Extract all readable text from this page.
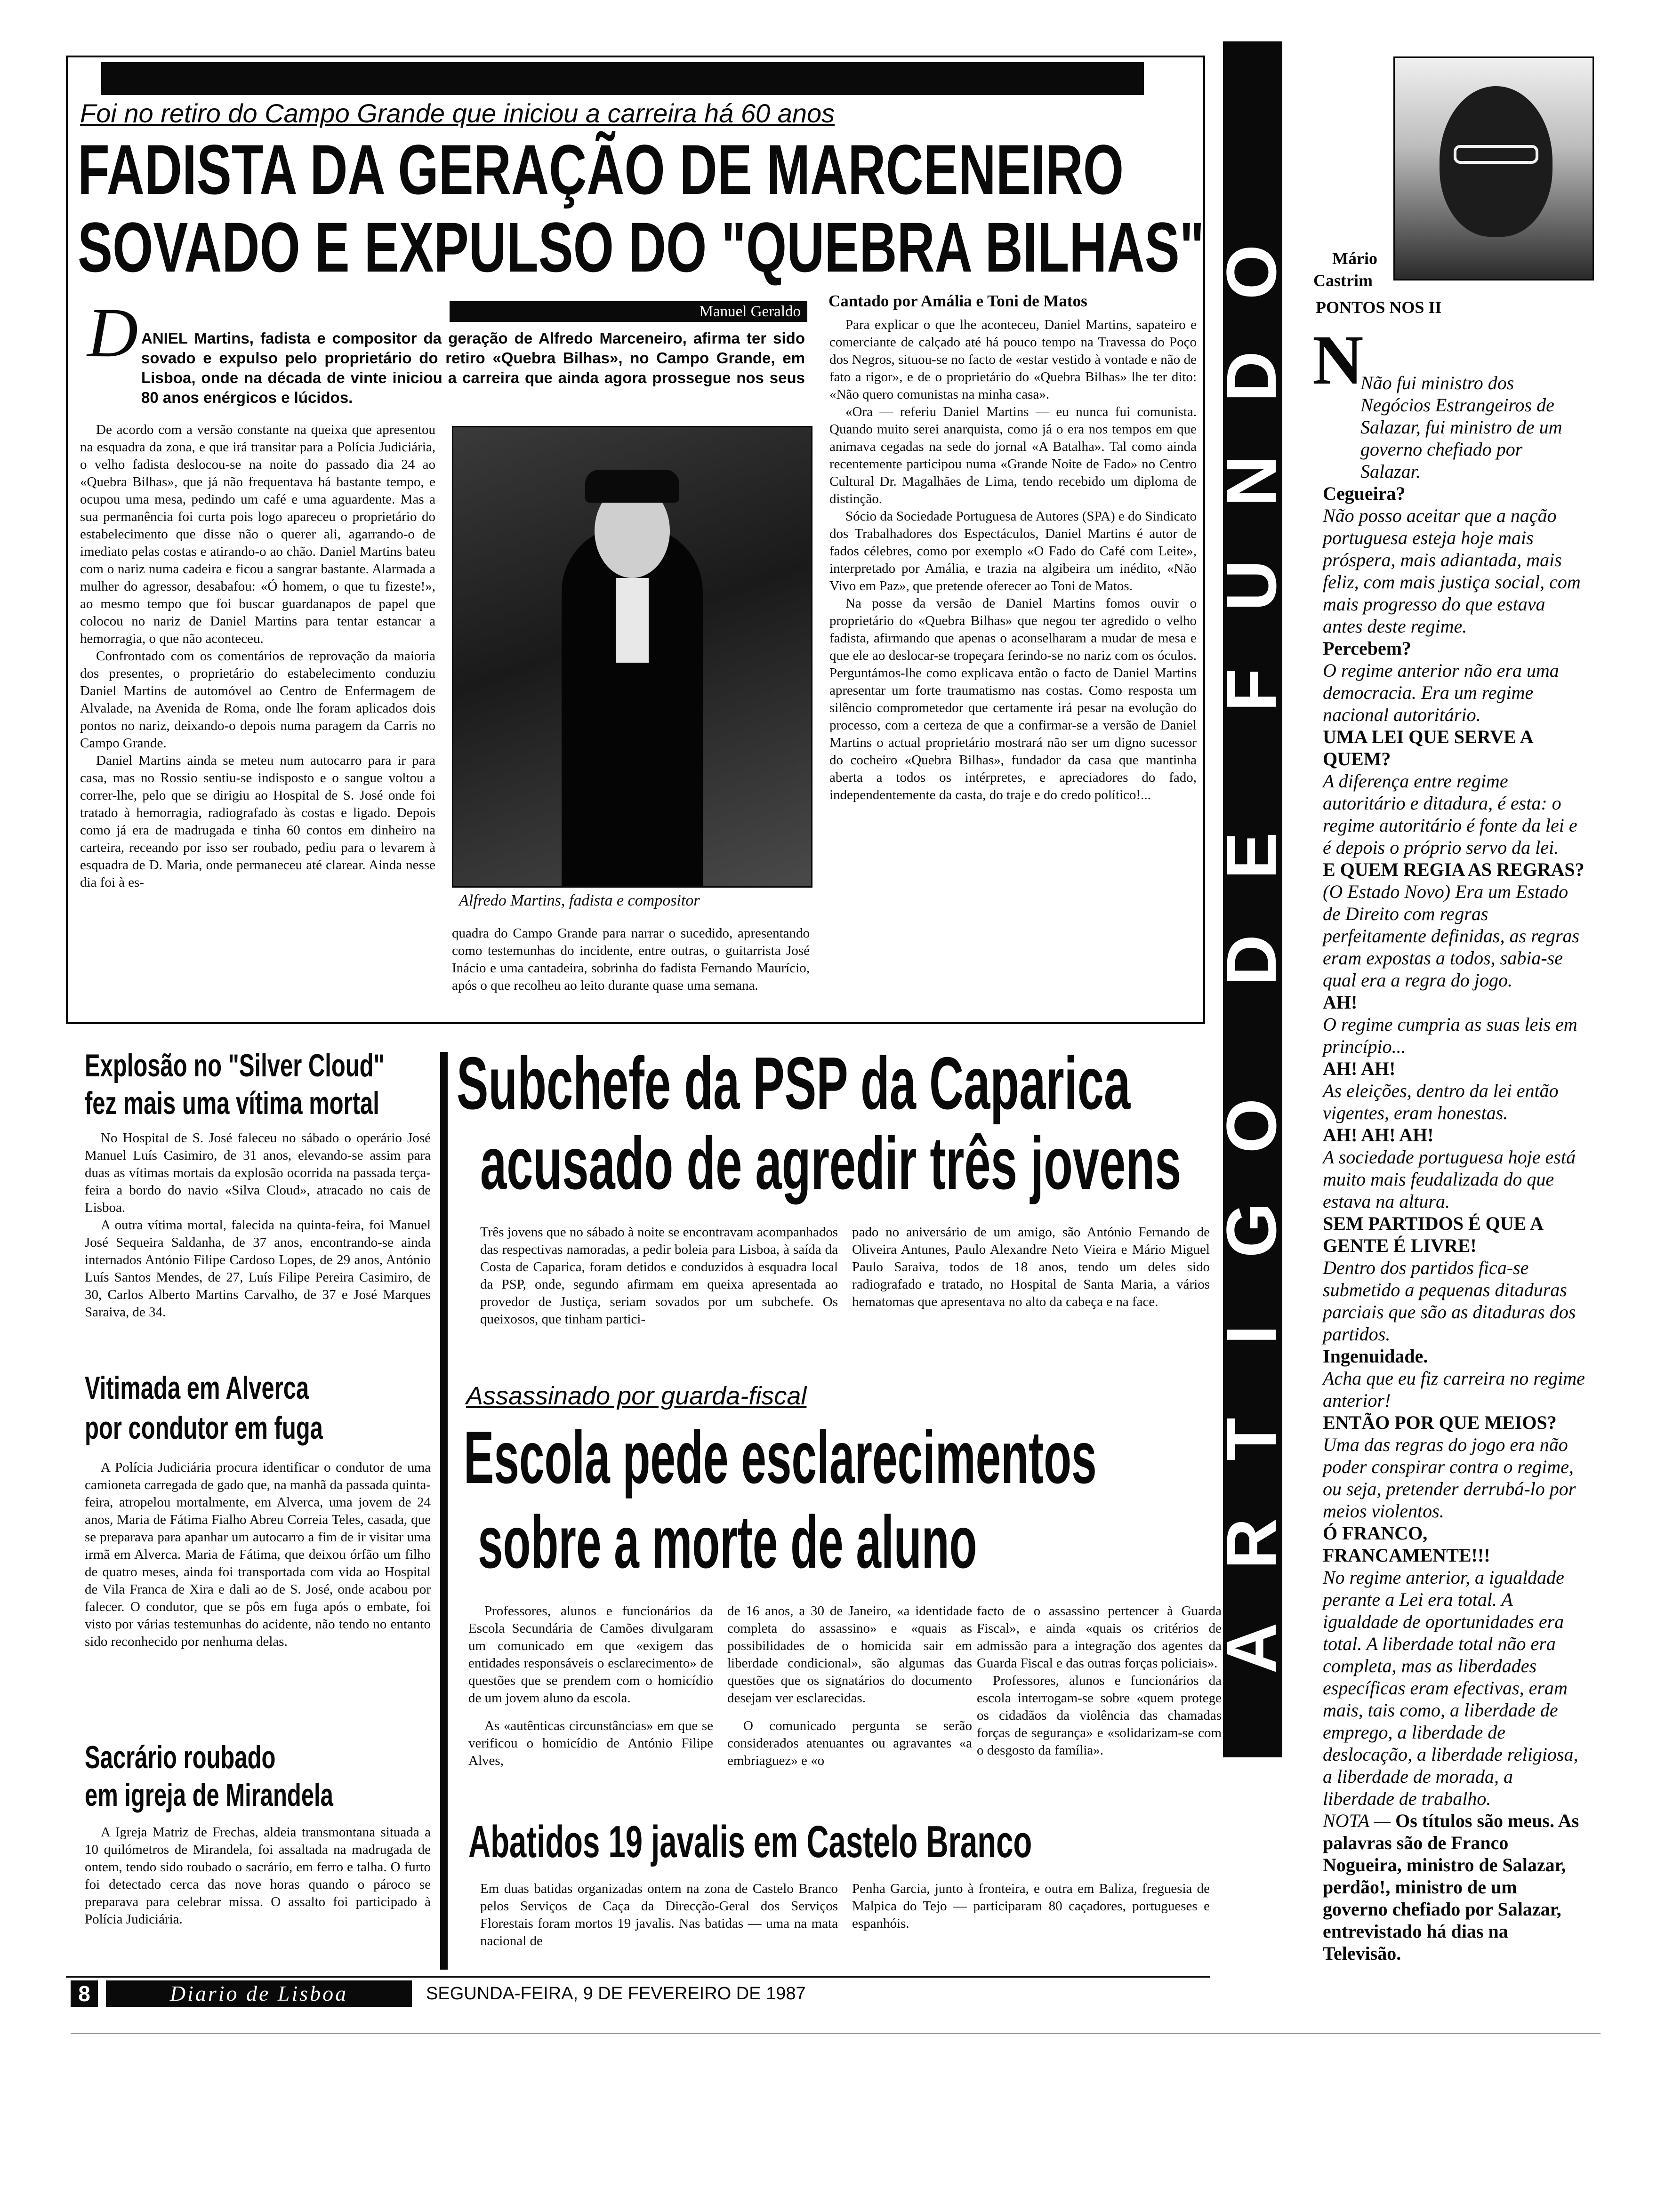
Foi no retiro do Campo Grande que iniciou a carreira há 60 anos
FADISTA DA GERAÇÃO DE MARCENEIRO
SOVADO E EXPULSO DO "QUEBRA BILHAS"
Manuel Geraldo
D ANIEL Martins, fadista e compositor da geração de Alfredo Marceneiro, afirma ter sido sovado e expulso pelo proprietário do retiro «Quebra Bilhas», no Campo Grande, em Lisboa, onde na década de vinte iniciou a carreira que ainda agora prossegue nos seus 80 anos enérgicos e lúcidos.

De acordo com a versão constante na queixa que apresentou na esquadra da zona, e que irá transitar para a Polícia Judiciária, o velho fadista deslocou-se na noite do passado dia 24 ao «Quebra Bilhas», que já não frequentava há bastante tempo, e ocupou uma mesa, pedindo um café e uma aguardente. Mas a sua permanência foi curta pois logo apareceu o proprietário do estabelecimento que disse não o querer ali, agarrando-o de imediato pelas costas e atirando-o ao chão. Daniel Martins bateu com o nariz numa cadeira e ficou a sangrar bastante. Alarmada a mulher do agressor, desabafou: «Ó homem, o que tu fizeste!», ao mesmo tempo que foi buscar guardanapos de papel que colocou no nariz de Daniel Martins para tentar estancar a hemorragia, o que não aconteceu.

Confrontado com os comentários de reprovação da maioria dos presentes, o proprietário do estabelecimento conduziu Daniel Martins de automóvel ao Centro de Enfermagem de Alvalade, na Avenida de Roma, onde lhe foram aplicados dois pontos no nariz, deixando-o depois numa paragem da Carris no Campo Grande.

Daniel Martins ainda se meteu num autocarro para ir para casa, mas no Rossio sentiu-se indisposto e o sangue voltou a correr-lhe, pelo que se dirigiu ao Hospital de S. José onde foi tratado à hemorragia, radiografado às costas e ligado. Depois como já era de madrugada e tinha 60 contos em dinheiro na carteira, receando por isso ser roubado, pediu para o levarem à esquadra de D. Maria, onde permaneceu até clarear. Ainda nesse dia foi à es-

Alfredo Martins, fadista e compositor
quadra do Campo Grande para narrar o sucedido, apresentando como testemunhas do incidente, entre outras, o guitarrista José Inácio e uma cantadeira, sobrinha do fadista Fernando Maurício, após o que recolheu ao leito durante quase uma semana.
Cantado por Amália e Toni de Matos

Para explicar o que lhe aconteceu, Daniel Martins, sapateiro e comerciante de calçado até há pouco tempo na Travessa do Poço dos Negros, situou-se no facto de «estar vestido à vontade e não de fato a rigor», e de o proprietário do «Quebra Bilhas» lhe ter dito: «Não quero comunistas na minha casa».

«Ora — referiu Daniel Martins — eu nunca fui comunista. Quando muito serei anarquista, como já o era nos tempos em que animava cegadas na sede do jornal «A Batalha». Tal como ainda recentemente participou numa «Grande Noite de Fado» no Centro Cultural Dr. Magalhães de Lima, tendo recebido um diploma de distinção.

Sócio da Sociedade Portuguesa de Autores (SPA) e do Sindicato dos Trabalhadores dos Espectáculos, Daniel Martins é autor de fados célebres, como por exemplo «O Fado do Café com Leite», interpretado por Amália, e trazia na algibeira um inédito, «Não Vivo em Paz», que pretende oferecer ao Toni de Matos.

Na posse da versão de Daniel Martins fomos ouvir o proprietário do «Quebra Bilhas» que negou ter agredido o velho fadista, afirmando que apenas o aconselharam a mudar de mesa e que ele ao deslocar-se tropeçara ferindo-se no nariz com os óculos. Perguntámos-lhe como explicava então o facto de Daniel Martins apresentar um forte traumatismo nas costas. Como resposta um silêncio comprometedor que certamente irá pesar na evolução do processo, com a certeza de que a confirmar-se a versão de Daniel Martins o actual proprietário mostrará não ser um digno sucessor do cocheiro «Quebra Bilhas», fundador da casa que mantinha aberta a todos os intérpretes, e apreciadores do fado, independentemente da casta, do traje e do credo político!...

Explosão no "Silver Cloud"
fez mais uma vítima mortal

No Hospital de S. José faleceu no sábado o operário José Manuel Luís Casimiro, de 31 anos, elevando-se assim para duas as vítimas mortais da explosão ocorrida na passada terça-feira a bordo do navio «Silva Cloud», atracado no cais de Lisboa.

A outra vítima mortal, falecida na quinta-feira, foi Manuel José Sequeira Saldanha, de 37 anos, encontrando-se ainda internados António Filipe Cardoso Lopes, de 29 anos, António Luís Santos Mendes, de 27, Luís Filipe Pereira Casimiro, de 30, Carlos Alberto Martins Carvalho, de 37 e José Marques Saraiva, de 34.

Vitimada em Alverca
por condutor em fuga

A Polícia Judiciária procura identificar o condutor de uma camioneta carregada de gado que, na manhã da passada quinta-feira, atropelou mortalmente, em Alverca, uma jovem de 24 anos, Maria de Fátima Fialho Abreu Correia Teles, casada, que se preparava para apanhar um autocarro a fim de ir visitar uma irmã em Alverca. Maria de Fátima, que deixou órfão um filho de quatro meses, ainda foi transportada com vida ao Hospital de Vila Franca de Xira e dali ao de S. José, onde acabou por falecer. O condutor, que se pôs em fuga após o embate, foi visto por várias testemunhas do acidente, não tendo no entanto sido reconhecido por nenhuma delas.

Sacrário roubado
em igreja de Mirandela

A Igreja Matriz de Frechas, aldeia transmontana situada a 10 quilómetros de Mirandela, foi assaltada na madrugada de ontem, tendo sido roubado o sacrário, em ferro e talha. O furto foi detectado cerca das nove horas quando o pároco se preparava para celebrar missa. O assalto foi participado à Polícia Judiciária.

Subchefe da PSP da Caparica
acusado de agredir três jovens
Três jovens que no sábado à noite se encontravam acompanhados das respectivas namoradas, a pedir boleia para Lisboa, à saída da Costa de Caparica, foram detidos e conduzidos à esquadra local da PSP, onde, segundo afirmam em queixa apresentada ao provedor de Justiça, seriam sovados por um subchefe. Os queixosos, que tinham partici-
pado no aniversário de um amigo, são António Fernando de Oliveira Antunes, Paulo Alexandre Neto Vieira e Mário Miguel Paulo Saraiva, todos de 18 anos, tendo um deles sido radiografado e tratado, no Hospital de Santa Maria, a vários hematomas que apresentava no alto da cabeça e na face.
Assassinado por guarda-fiscal
Escola pede esclarecimentos
sobre a morte de aluno

Professores, alunos e funcionários da Escola Secundária de Camões divulgaram um comunicado em que «exigem das entidades responsáveis o esclarecimento» de questões que se prendem com o homicídio de um jovem aluno da escola.

As «autênticas circunstâncias» em que se verificou o homicídio de António Filipe Alves,

de 16 anos, a 30 de Janeiro, «a identidade completa do assassino» e «quais as possibilidades de o homicida sair em liberdade condicional», são algumas das questões que os signatários do documento desejam ver esclarecidas.

O comunicado pergunta se serão considerados atenuantes ou agravantes «a embriaguez» e «o

facto de o assassino pertencer à Guarda Fiscal», e ainda «quais os critérios de admissão para a integração dos agentes da Guarda Fiscal e das outras forças policiais».

Professores, alunos e funcionários da escola interrogam-se sobre «quem protege os cidadãos da violência das chamadas forças de segurança» e «solidarizam-se com o desgosto da família».

Abatidos 19 javalis em Castelo Branco
Em duas batidas organizadas ontem na zona de Castelo Branco pelos Serviços de Caça da Direcção-Geral dos Serviços Florestais foram mortos 19 javalis. Nas batidas — uma na mata nacional de
Penha Garcia, junto à fronteira, e outra em Baliza, freguesia de Malpica do Tejo — participaram 80 caçadores, portugueses e espanhóis.
8	Diario de Lisboa	SEGUNDA-FEIRA, 9 DE FEVEREIRO DE 1987
A
R
T
I
G
O
D
E
F
U
N
D
O Mário
Castrim
PONTOS NOS II
N
Não fui ministro dos Negócios Estrangeiros de Salazar, fui ministro de um governo chefiado por Salazar.
Cegueira?
Não posso aceitar que a nação portuguesa esteja hoje mais próspera, mais adiantada, mais feliz, com mais justiça social, com mais progresso do que estava antes deste regime.
Percebem?
O regime anterior não era uma democracia. Era um regime nacional autoritário.
UMA LEI QUE SERVE A QUEM?
A diferença entre regime autoritário e ditadura, é esta: o regime autoritário é fonte da lei e é depois o próprio servo da lei.
E QUEM REGIA AS REGRAS?
(O Estado Novo) Era um Estado de Direito com regras perfeitamente definidas, as regras eram expostas a todos, sabia-se qual era a regra do jogo.
AH!
O regime cumpria as suas leis em princípio...
AH! AH!
As eleições, dentro da lei então vigentes, eram honestas.
AH! AH! AH!
A sociedade portuguesa hoje está muito mais feudalizada do que estava na altura.
SEM PARTIDOS É QUE A GENTE É LIVRE!
Dentro dos partidos fica-se submetido a pequenas ditaduras parciais que são as ditaduras dos partidos.
Ingenuidade.
Acha que eu fiz carreira no regime anterior!
ENTÃO POR QUE MEIOS?
Uma das regras do jogo era não poder conspirar contra o regime, ou seja, pretender derrubá-lo por meios violentos.
Ó FRANCO, FRANCAMENTE!!!
No regime anterior, a igualdade perante a Lei era total. A igualdade de oportunidades era total. A liberdade total não era completa, mas as liberdades específicas eram efectivas, eram mais, tais como, a liberdade de emprego, a liberdade de deslocação, a liberdade religiosa, a liberdade de morada, a liberdade de trabalho.
NOTA — Os títulos são meus. As palavras são de Franco Nogueira, ministro de Salazar, perdão!, ministro de um governo chefiado por Salazar, entrevistado há dias na Televisão.
